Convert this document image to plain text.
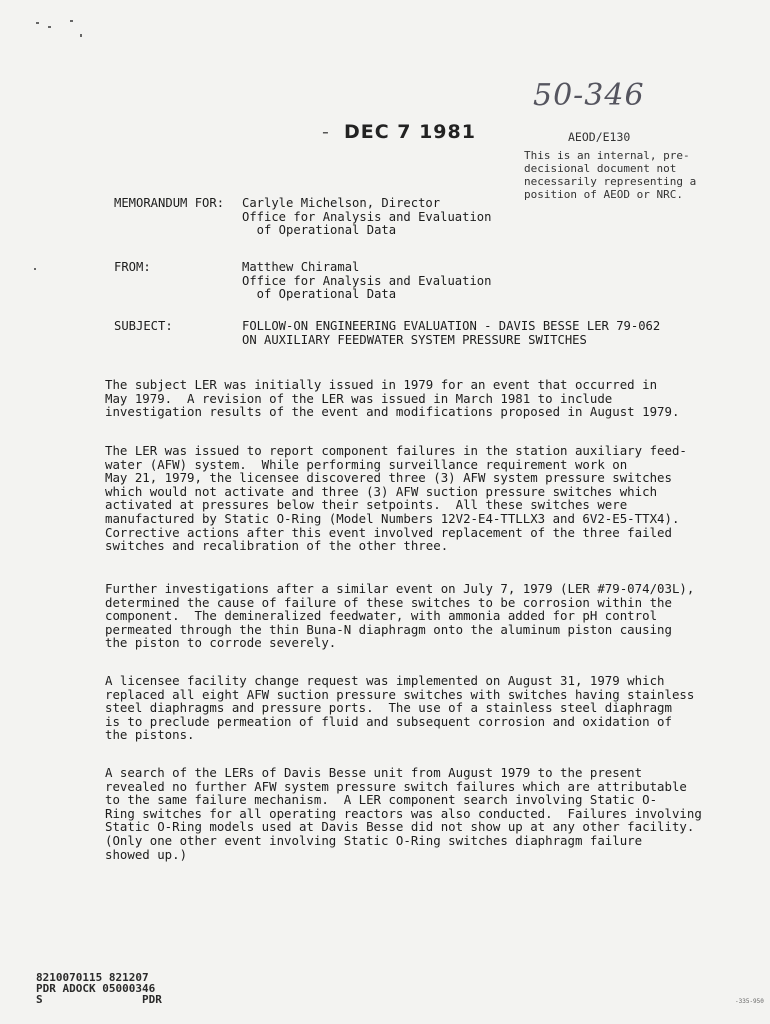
50-346
-  DEC 7 1981	AEOD/E130
This is an internal, pre-
decisional document not
necessarily representing a
position of AEOD or NRC.
MEMORANDUM FOR: Carlyle Michelson, Director
Office for Analysis and Evaluation
of Operational Data
FROM:	Matthew Chiramal
Office for Analysis and Evaluation
of Operational Data
SUBJECT:	FOLLOW-ON ENGINEERING EVALUATION - DAVIS BESSE LER 79-062
ON AUXILIARY FEEDWATER SYSTEM PRESSURE SWITCHES
The subject LER was initially issued in 1979 for an event that occurred in
May 1979.  A revision of the LER was issued in March 1981 to include
investigation results of the event and modifications proposed in August 1979.
The LER was issued to report component failures in the station auxiliary feed-
water (AFW) system.  While performing surveillance requirement work on
May 21, 1979, the licensee discovered three (3) AFW system pressure switches
which would not activate and three (3) AFW suction pressure switches which
activated at pressures below their setpoints.  All these switches were
manufactured by Static O-Ring (Model Numbers 12V2-E4-TTLLX3 and 6V2-E5-TTX4).
Corrective actions after this event involved replacement of the three failed
switches and recalibration of the other three.
Further investigations after a similar event on July 7, 1979 (LER #79-074/03L),
determined the cause of failure of these switches to be corrosion within the
component.  The demineralized feedwater, with ammonia added for pH control
permeated through the thin Buna-N diaphragm onto the aluminum piston causing
the piston to corrode severely.
A licensee facility change request was implemented on August 31, 1979 which
replaced all eight AFW suction pressure switches with switches having stainless
steel diaphragms and pressure ports.  The use of a stainless steel diaphragm
is to preclude permeation of fluid and subsequent corrosion and oxidation of
the pistons.
A search of the LERs of Davis Besse unit from August 1979 to the present
revealed no further AFW system pressure switch failures which are attributable
to the same failure mechanism.  A LER component search involving Static O-
Ring switches for all operating reactors was also conducted.  Failures involving
Static O-Ring models used at Davis Besse did not show up at any other facility.
(Only one other event involving Static O-Ring switches diaphragm failure
showed up.)
8210070115 821207
PDR ADOCK 05000346
S               PDR	-335-950
